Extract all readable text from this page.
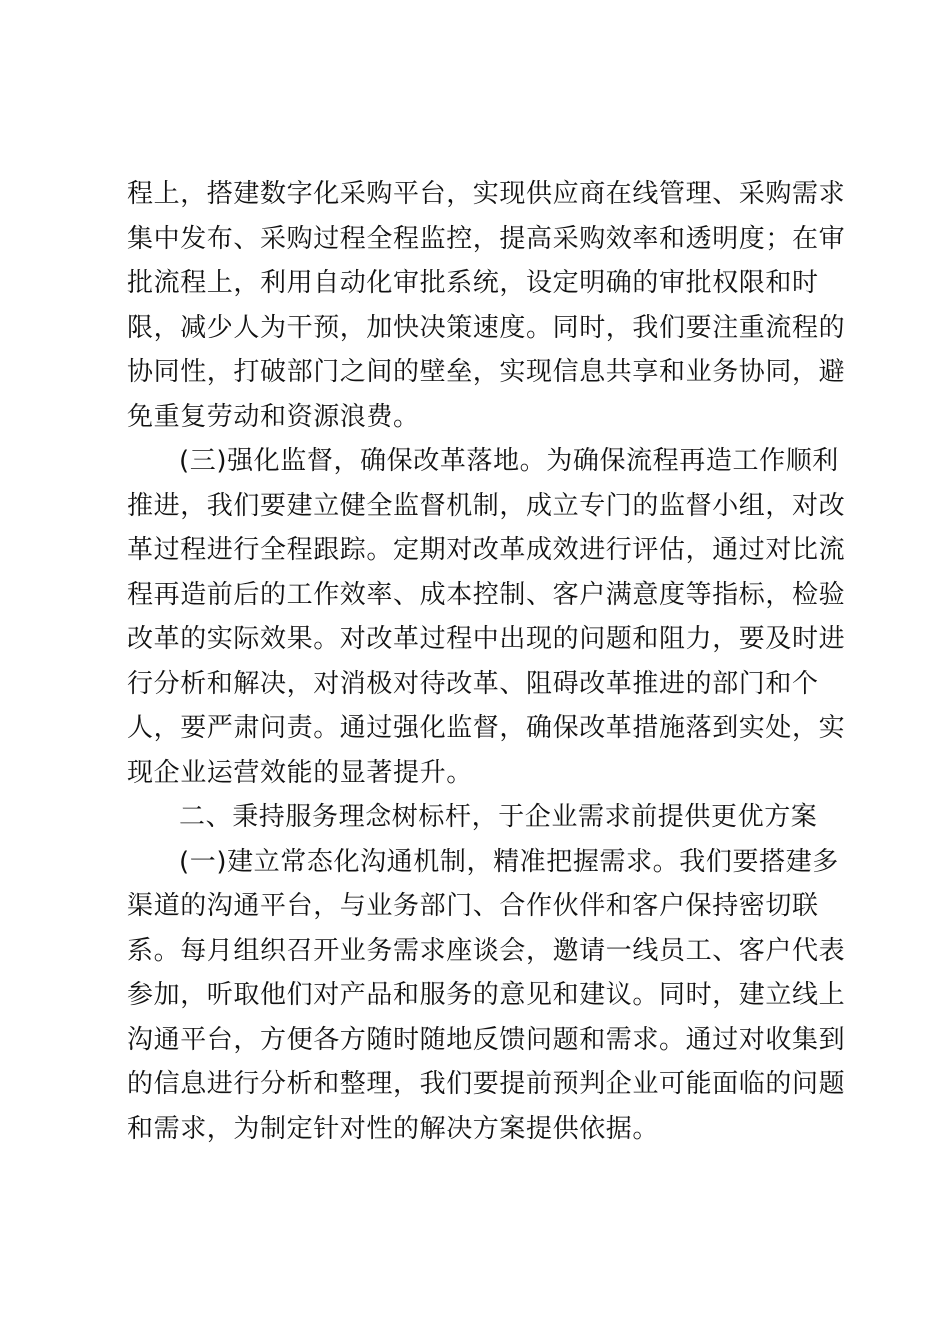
程上，搭建数字化采购平台，实现供应商在线管理、采购需求
集中发布、采购过程全程监控，提高采购效率和透明度；在审
批流程上，利用自动化审批系统，设定明确的审批权限和时
限，减少人为干预，加快决策速度。同时，我们要注重流程的
协同性，打破部门之间的壁垒，实现信息共享和业务协同，避
免重复劳动和资源浪费。
(三)强化监督，确保改革落地。为确保流程再造工作顺利
推进，我们要建立健全监督机制，成立专门的监督小组，对改
革过程进行全程跟踪。定期对改革成效进行评估，通过对比流
程再造前后的工作效率、成本控制、客户满意度等指标，检验
改革的实际效果。对改革过程中出现的问题和阻力，要及时进
行分析和解决，对消极对待改革、阻碍改革推进的部门和个
人，要严肃问责。通过强化监督，确保改革措施落到实处，实
现企业运营效能的显著提升。
二、秉持服务理念树标杆，于企业需求前提供更优方案
(一)建立常态化沟通机制，精准把握需求。我们要搭建多
渠道的沟通平台，与业务部门、合作伙伴和客户保持密切联
系。每月组织召开业务需求座谈会，邀请一线员工、客户代表
参加，听取他们对产品和服务的意见和建议。同时，建立线上
沟通平台，方便各方随时随地反馈问题和需求。通过对收集到
的信息进行分析和整理，我们要提前预判企业可能面临的问题
和需求，为制定针对性的解决方案提供依据。
